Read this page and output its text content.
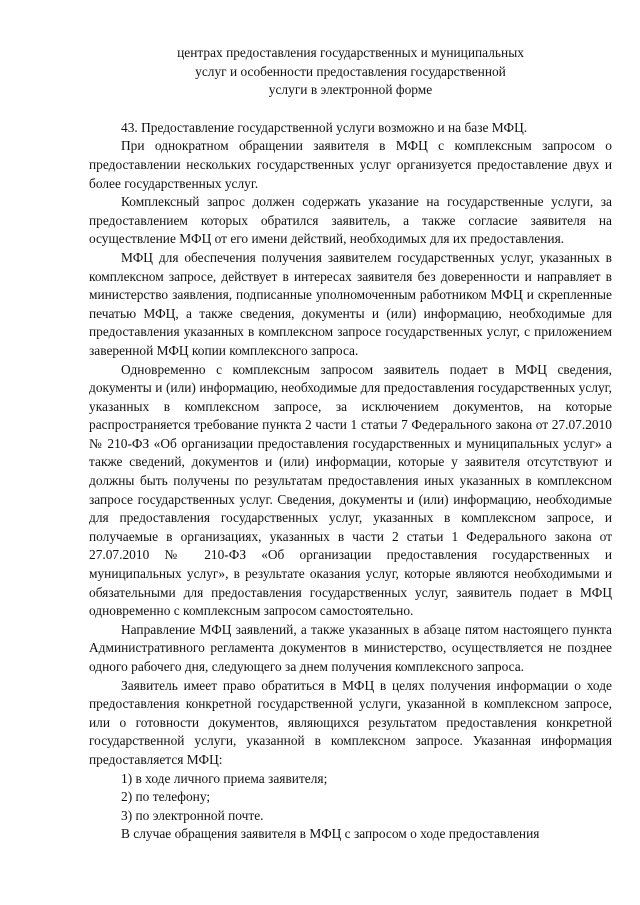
центрах предоставления государственных и муниципальных
услуг и особенности предоставления государственной
услуги в электронной форме

43. Предоставление государственной услуги возможно и на базе МФЦ.

При однократном обращении заявителя в МФЦ с комплексным запросом о предоставлении нескольких государственных услуг организуется предоставление двух и более государственных услуг.

Комплексный запрос должен содержать указание на государственные услуги, за предоставлением которых обратился заявитель, а также согласие заявителя на осуществление МФЦ от его имени действий, необходимых для их предоставления.

МФЦ для обеспечения получения заявителем государственных услуг, указанных в комплексном запросе, действует в интересах заявителя без доверенности и направляет в министерство заявления, подписанные уполномоченным работником МФЦ и скрепленные печатью МФЦ, а также сведения, документы и (или) информацию, необходимые для предоставления указанных в комплексном запросе государственных услуг, с приложением заверенной МФЦ копии комплексного запроса.

Одновременно с комплексным запросом заявитель подает в МФЦ сведения, документы и (или) информацию, необходимые для предоставления государственных услуг, указанных в комплексном запросе, за исключением документов, на которые распространяется требование пункта 2 части 1 статьи 7 Федерального закона от 27.07.2010 № 210-ФЗ «Об организации предоставления государственных и муниципальных услуг» а также сведений, документов и (или) информации, которые у заявителя отсутствуют и должны быть получены по результатам предоставления иных указанных в комплексном запросе государственных услуг. Сведения, документы и (или) информацию, необходимые для предоставления государственных услуг, указанных в комплексном запросе, и получаемые в организациях, указанных в части 2 статьи 1 Федерального закона от 27.07.2010 № 210-ФЗ «Об организации предоставления государственных и муниципальных услуг», в результате оказания услуг, которые являются необходимыми и обязательными для предоставления государственных услуг, заявитель подает в МФЦ одновременно с комплексным запросом самостоятельно.

Направление МФЦ заявлений, а также указанных в абзаце пятом настоящего пункта Административного регламента документов в министерство, осуществляется не позднее одного рабочего дня, следующего за днем получения комплексного запроса.

Заявитель имеет право обратиться в МФЦ в целях получения информации о ходе предоставления конкретной государственной услуги, указанной в комплексном запросе, или о готовности документов, являющихся результатом предоставления конкретной государственной услуги, указанной в комплексном запросе. Указанная информация предоставляется МФЦ:

1) в ходе личного приема заявителя;

2) по телефону;

3) по электронной почте.

В случае обращения заявителя в МФЦ с запросом о ходе предоставления
